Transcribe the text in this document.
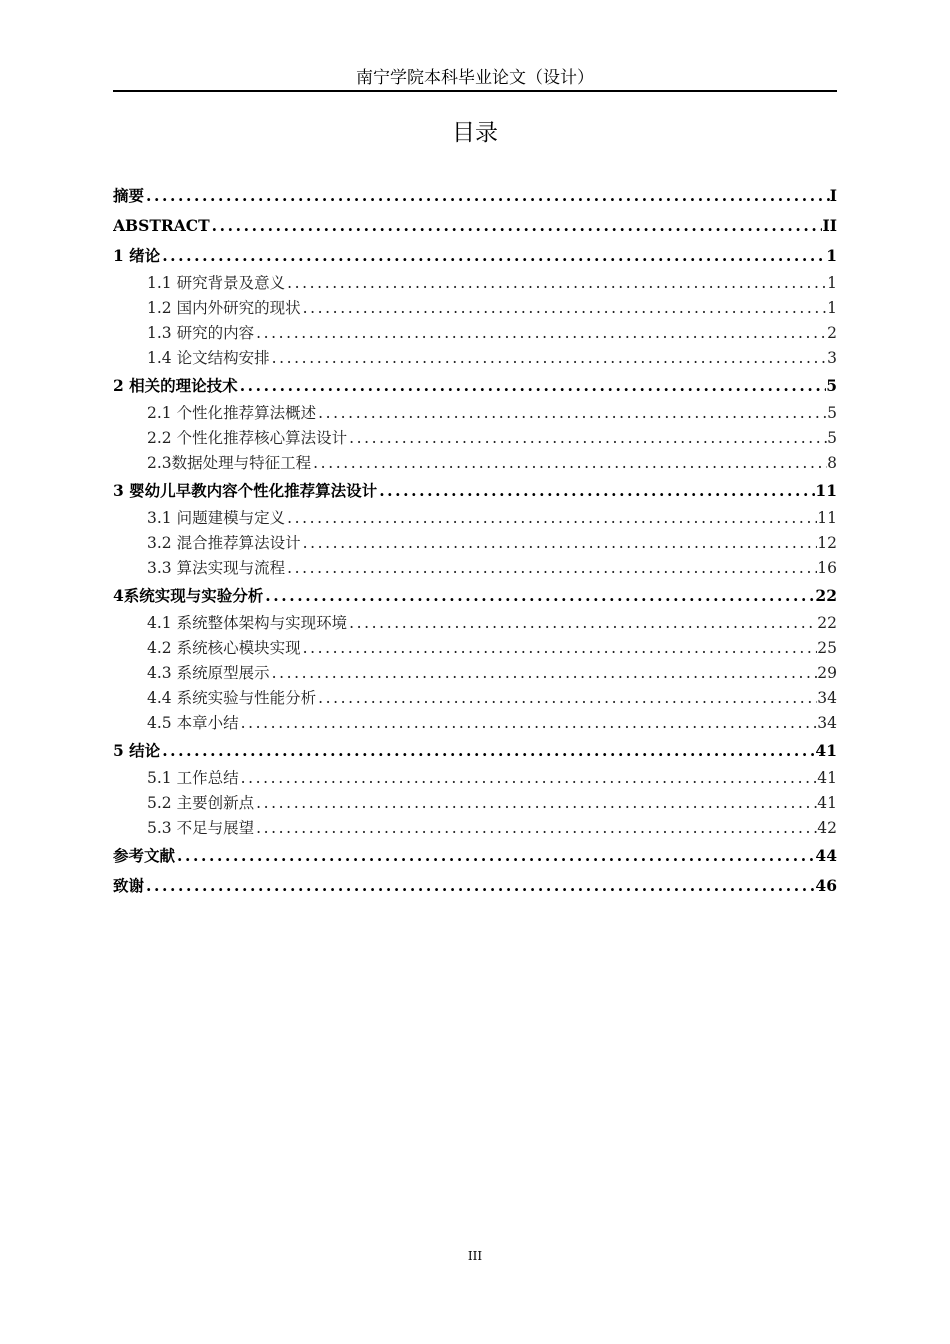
南宁学院本科毕业论文（设计）
目录
摘要 .....	I
ABSTRACT .....	II
1 绪论 .....	1
1.1 研究背景及意义 .....	1
1.2 国内外研究的现状 .....	1
1.3 研究的内容 .....	2
1.4 论文结构安排 .....	3
2 相关的理论技术 .....	5
2.1 个性化推荐算法概述 .....	5
2.2 个性化推荐核心算法设计 .....	5
2.3数据处理与特征工程 .....	8
3 婴幼儿早教内容个性化推荐算法设计 .....	11
3.1 问题建模与定义 .....	11
3.2 混合推荐算法设计 .....	12
3.3 算法实现与流程 .....	16
4系统实现与实验分析 .....	22
4.1 系统整体架构与实现环境 .....	22
4.2 系统核心模块实现 .....	25
4.3 系统原型展示 .....	29
4.4 系统实验与性能分析 .....	34
4.5 本章小结 .....	34
5 结论 .....	41
5.1 工作总结 .....	41
5.2 主要创新点 .....	41
5.3 不足与展望 .....	42
参考文献 .....	44
致谢 .....	46
III
